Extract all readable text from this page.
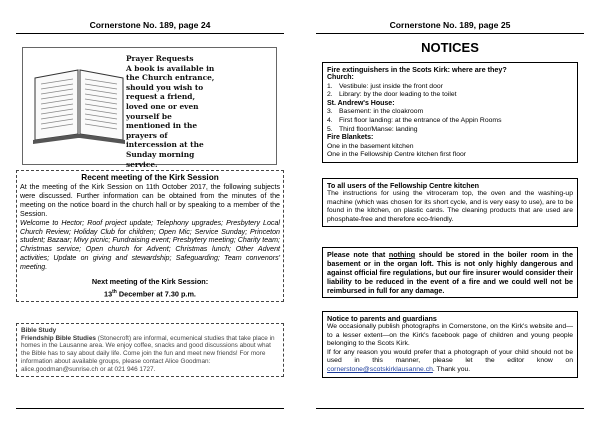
Cornerstone No. 189, page 24
Prayer Requests
A book is available in
the Church entrance,
should you wish to
request a friend,
loved one or even
yourself be
mentioned in the
prayers of
intercession at the
Sunday morning
service.
Recent meeting of the Kirk Session

At the meeting of the Kirk Session on 11th October 2017, the following subjects were discussed. Further information can be obtained from the minutes of the meeting on the notice board in the church hall or by speaking to a member of the Session.

Welcome to Hector; Roof project update; Telephony upgrades; Presbytery Local Church Review; Holiday Club for children; Open Mic; Service Sunday; Princeton student; Bazaar; Mivy picnic; Fundraising event; Presbytery meeting; Charity team; Christmas service; Open church for Advent; Christmas lunch; Other Advent activities; Update on giving and stewardship; Safeguarding; Team convenors' meeting.

Next meeting of the Kirk Session:
13th December at 7.30 p.m.
Bible Study
Friendship Bible Studies (Stonecroft) are informal, ecumenical studies that take place in homes in the Lausanne area. We enjoy coffee, snacks and good discussions about what the Bible has to say about daily life. Come join the fun and meet new friends! For more information about available groups, please contact Alice Goodman: alice.goodman@sunrise.ch or at 021 946 1727.
Cornerstone No. 189, page 25
NOTICES
Fire extinguishers in the Scots Kirk: where are they?
Church:
1. Vestibule: just inside the front door
2. Library: by the door leading to the toilet
St. Andrew's House:
3. Basement: in the cloakroom
4. First floor landing: at the entrance of the Appin Rooms
5. Third floor/Manse: landing
Fire Blankets:
One in the basement kitchen
One in the Fellowship Centre kitchen first floor
To all users of the Fellowship Centre kitchen

The instructions for using the vitroceram top, the oven and the washing-up machine (which was chosen for its short cycle, and is very easy to use), are to be found in the kitchen, on plastic cards. The cleaning products that are used are phosphate-free and therefore eco-friendly.

Please note that nothing should be stored in the boiler room in the basement or in the organ loft. This is not only highly dangerous and against official fire regulations, but our fire insurer would consider their liability to be reduced in the event of a fire and we could well not be reimbursed in full for any damage.
Notice to parents and guardians

We occasionally publish photographs in Cornerstone, on the Kirk's website and—to a lesser extent—on the Kirk's facebook page of children and young people belonging to the Scots Kirk.

If for any reason you would prefer that a photograph of your child should not be used in this manner, please let the editor know on cornerstone@scotskirklausanne.ch. Thank you.
